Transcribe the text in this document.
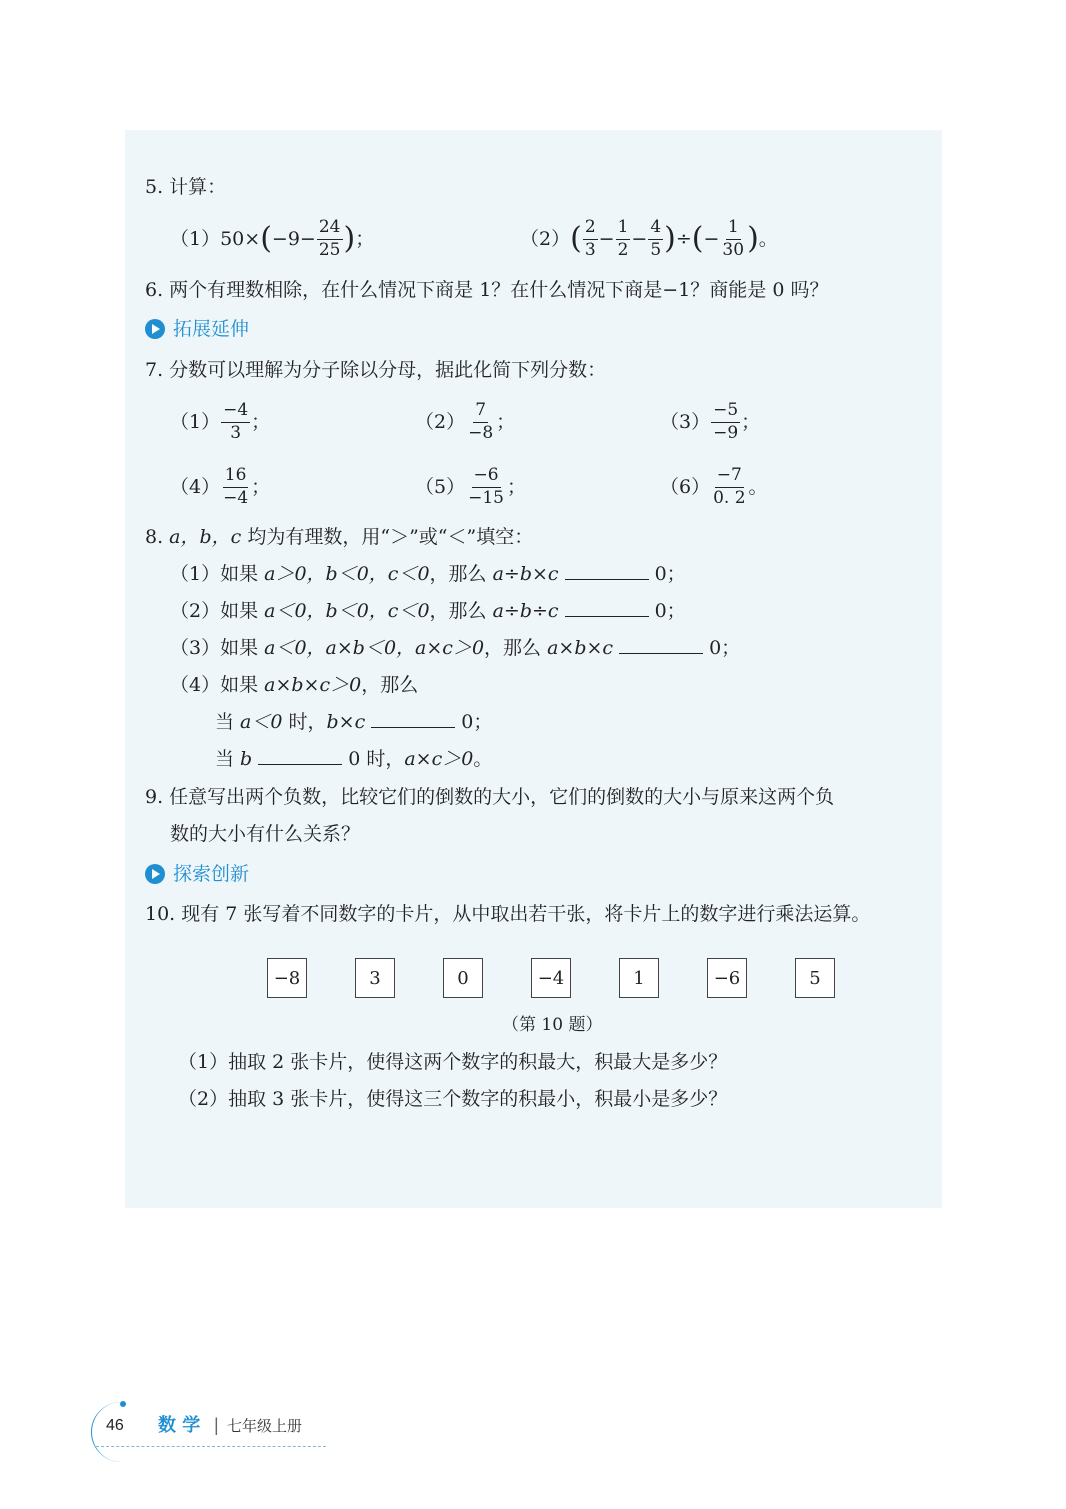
5. 计算：
（1） 50× ( $-9- \frac{24}{25}$ ) ；	（2） ( $\frac{2}{3} - \frac{1}{2} - \frac{4}{5}$ ) ÷ ( − $\frac{1}{30}$ ) 。
6. 两个有理数相除，在什么情况下商是 1？在什么情况下商是−1？商能是 0 吗？
拓展延伸
7. 分数可以理解为分子除以分母，据此化简下列分数：
$(1) \frac{-4}{3}$ ；	$(2) \frac{7}{-8}$ ；	$(3) \frac{-5}{-9}$ ；
$(4) \frac{16}{-4}$ ；	$(5) \frac{-6}{-15}$ ；	$(6) \frac{-7}{0. 2}$ 。
8. a，b，c 均为有理数，用“＞”或“＜”填空：
（1）如果 a＞0，b＜0，c＜0，那么 a÷b×c	0；
（2）如果 a＜0，b＜0，c＜0，那么 a÷b÷c	0；
（3）如果 a＜0，a×b＜0，a×c＞0，那么 a×b×c	0；
（4）如果 a×b×c＞0，那么
当 a＜0 时，b×c	0；
当 b	0 时，a×c＞0。
9. 任意写出两个负数，比较它们的倒数的大小，它们的倒数的大小与原来这两个负
数的大小有什么关系？
探索创新
10. 现有 7 张写着不同数字的卡片，从中取出若干张，将卡片上的数字进行乘法运算。
−8	3	0	−4	1	−6	5
（第 10 题）
（1）抽取 2 张卡片，使得这两个数字的积最大，积最大是多少？
（2）抽取 3 张卡片，使得这三个数字的积最小，积最小是多少？
46 数 学 | 七年级上册
